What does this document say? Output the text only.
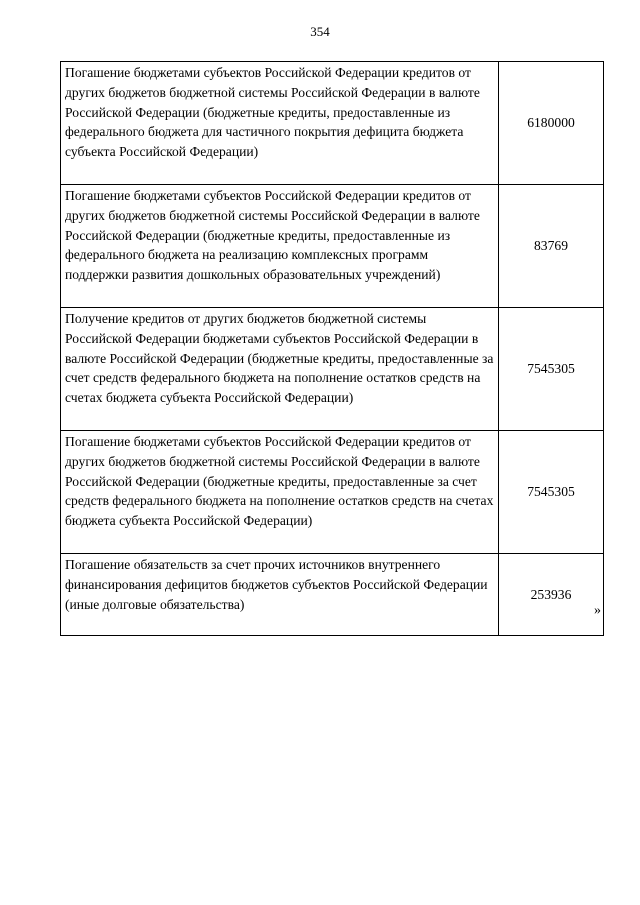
354
Погашение бюджетами субъектов Российской Федерации кредитов от других бюджетов бюджетной системы Российской Федерации в валюте Российской Федерации (бюджетные кредиты, предоставленные из федерального бюджета для частичного покрытия дефицита бюджета субъекта Российской Федерации)	6180000
Погашение бюджетами субъектов Российской Федерации кредитов от других бюджетов бюджетной системы Российской Федерации в валюте Российской Федерации (бюджетные кредиты, предоставленные из федерального бюджета на реализацию комплексных программ поддержки развития дошкольных образовательных учреждений)	83769
Получение кредитов от других бюджетов бюджетной системы Российской Федерации бюджетами субъектов Российской Федерации в валюте Российской Федерации (бюджетные кредиты, предоставленные за счет средств федерального бюджета на пополнение остатков средств на счетах бюджета субъекта Российской Федерации)	7545305
Погашение бюджетами субъектов Российской Федерации кредитов от других бюджетов бюджетной системы Российской Федерации в валюте Российской Федерации (бюджетные кредиты, предоставленные за счет средств федерального бюджета на пополнение остатков средств на счетах бюджета субъекта Российской Федерации)	7545305
Погашение обязательств за счет прочих источников внутреннего финансирования дефицитов бюджетов субъектов Российской Федерации (иные долговые обязательства)	253936
»
